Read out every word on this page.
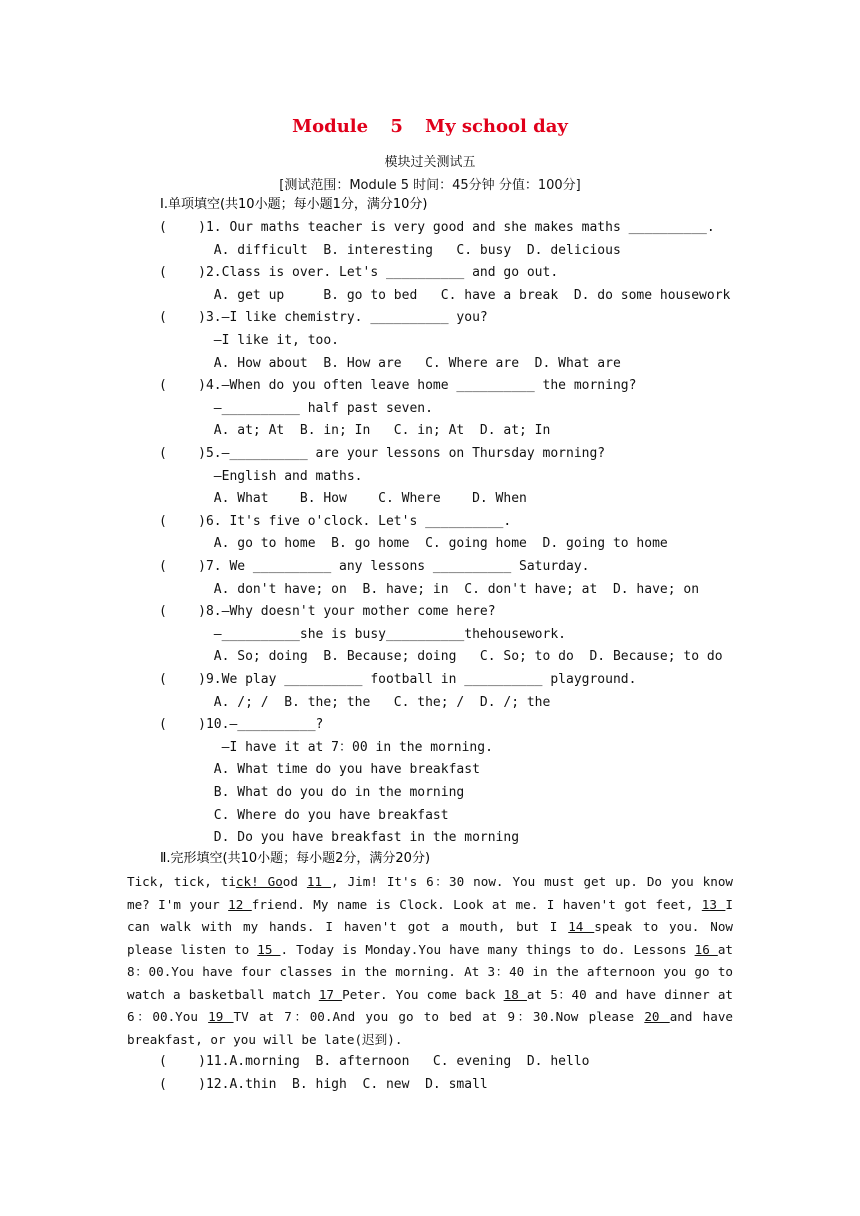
Module 5 My school day
模块过关测试五
[测试范围：Module 5 时间：45分钟 分值：100分]
Ⅰ.单项填空(共10小题；每小题1分，满分10分)
(    )1. Our maths teacher is very good and she makes maths __________.
A. difficult  B. interesting   C. busy  D. delicious
(    )2.Class is over. Let's __________ and go out.
A. get up     B. go to bed   C. have a break  D. do some housework
(    )3.—I like chemistry. __________ you?
—I like it, too.
A. How about  B. How are   C. Where are  D. What are
(    )4.—When do you often leave home __________ the morning?
—__________ half past seven.
A. at; At  B. in; In   C. in; At  D. at; In
(    )5.—__________ are your lessons on Thursday morning?
—English and maths.
A. What    B. How    C. Where    D. When
(    )6. It's five o'clock. Let's __________.
A. go to home  B. go home  C. going home  D. going to home
(    )7. We __________ any lessons __________ Saturday.
A. don't have; on  B. have; in  C. don't have; at  D. have; on
(    )8.—Why doesn't your mother come here?
—__________she is busy__________thehousework.
A. So; doing  B. Because; doing   C. So; to do  D. Because; to do
(    )9.We play __________ football in __________ playground.
A. /; /  B. the; the   C. the; /  D. /; the
(    )10.—__________?
—I have it at 7：00 in the morning.
A. What time do you have breakfast
B. What do you do in the morning
C. Where do you have breakfast
D. Do you have breakfast in the morning
Ⅱ.完形填空(共10小题；每小题2分，满分20分)
Tick, tick, tick! Good 11 , Jim! It's 6：30 now. You must get up. Do you know me? I'm your 12 friend. My name is Clock. Look at me. I haven't got feet, 13 I can walk with my hands. I haven't got a mouth, but I 14 speak to you. Now please listen to 15 . Today is Monday.You have many things to do. Lessons 16 at 8：00.You have four classes in the morning. At 3：40 in the afternoon you go to watch a basketball match 17 Peter. You come back 18 at 5：40 and have dinner at 6：00.You 19 TV at 7：00.And you go to bed at 9：30.Now please 20 and have breakfast, or you will be late(迟到).
(    )11.A.morning  B. afternoon   C. evening  D. hello
(    )12.A.thin  B. high  C. new  D. small
